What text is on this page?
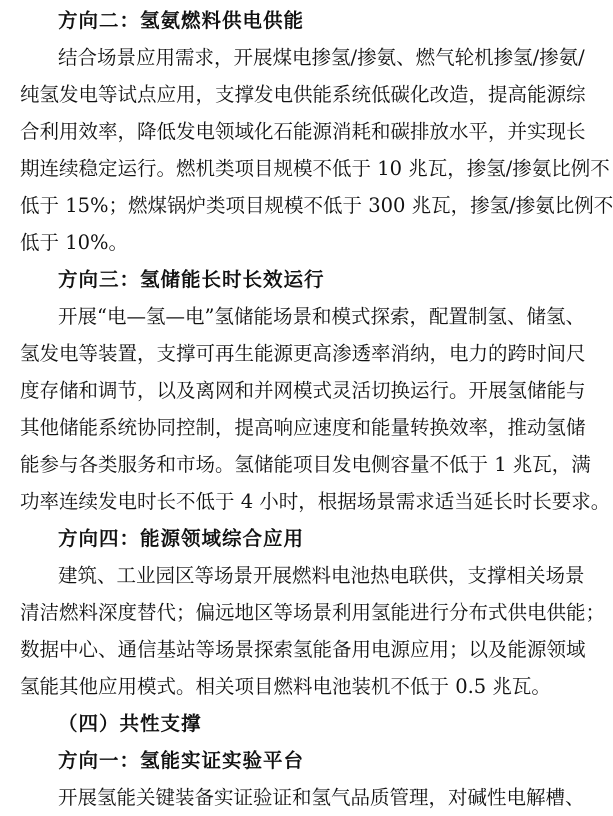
方向二：氢氨燃料供电供能
结合场景应用需求，开展煤电掺氢/掺氨、燃气轮机掺氢/掺氨/
纯氢发电等试点应用，支撑发电供能系统低碳化改造，提高能源综
合利用效率，降低发电领域化石能源消耗和碳排放水平，并实现长
期连续稳定运行。燃机类项目规模不低于 10 兆瓦，掺氢/掺氨比例不
低于 15%；燃煤锅炉类项目规模不低于 300 兆瓦，掺氢/掺氨比例不
低于 10%。
方向三：氢储能长时长效运行
开展“电—氢—电”氢储能场景和模式探索，配置制氢、储氢、
氢发电等装置，支撑可再生能源更高渗透率消纳，电力的跨时间尺
度存储和调节，以及离网和并网模式灵活切换运行。开展氢储能与
其他储能系统协同控制，提高响应速度和能量转换效率，推动氢储
能参与各类服务和市场。氢储能项目发电侧容量不低于 1 兆瓦，满
功率连续发电时长不低于 4 小时，根据场景需求适当延长时长要求。
方向四：能源领域综合应用
建筑、工业园区等场景开展燃料电池热电联供，支撑相关场景
清洁燃料深度替代；偏远地区等场景利用氢能进行分布式供电供能；
数据中心、通信基站等场景探索氢能备用电源应用；以及能源领域
氢能其他应用模式。相关项目燃料电池装机不低于 0.5 兆瓦。
（四）共性支撑
方向一：氢能实证实验平台
开展氢能关键装备实证验证和氢气品质管理，对碱性电解槽、
